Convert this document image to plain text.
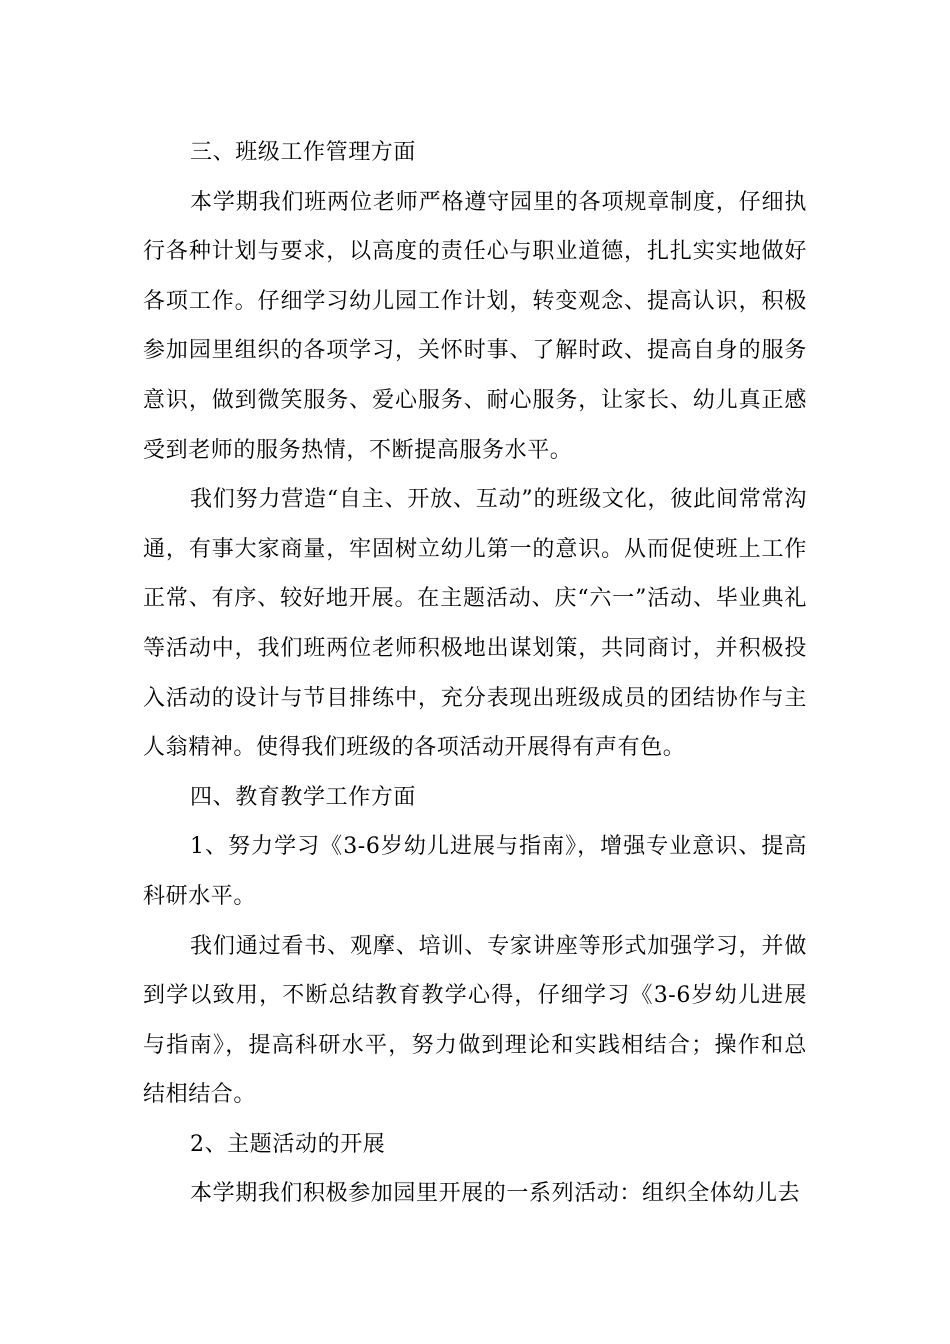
三、班级工作管理方面

本学期我们班两位老师严格遵守园里的各项规章制度，仔细执行各种计划与要求，以高度的责任心与职业道德，扎扎实实地做好各项工作。仔细学习幼儿园工作计划，转变观念、提高认识，积极参加园里组织的各项学习，关怀时事、了解时政、提高自身的服务意识，做到微笑服务、爱心服务、耐心服务，让家长、幼儿真正感受到老师的服务热情，不断提高服务水平。

我们努力营造“自主、开放、互动”的班级文化，彼此间常常沟通，有事大家商量，牢固树立幼儿第一的意识。从而促使班上工作正常、有序、较好地开展。在主题活动、庆“六一”活动、毕业典礼等活动中，我们班两位老师积极地出谋划策，共同商讨，并积极投入活动的设计与节目排练中，充分表现出班级成员的团结协作与主人翁精神。使得我们班级的各项活动开展得有声有色。

四、教育教学工作方面

1、努力学习《3-6岁幼儿进展与指南》，增强专业意识、提高科研水平。

我们通过看书、观摩、培训、专家讲座等形式加强学习，并做到学以致用，不断总结教育教学心得，仔细学习《3-6岁幼儿进展与指南》，提高科研水平，努力做到理论和实践相结合；操作和总结相结合。

2、主题活动的开展

本学期我们积极参加园里开展的一系列活动：组织全体幼儿去
